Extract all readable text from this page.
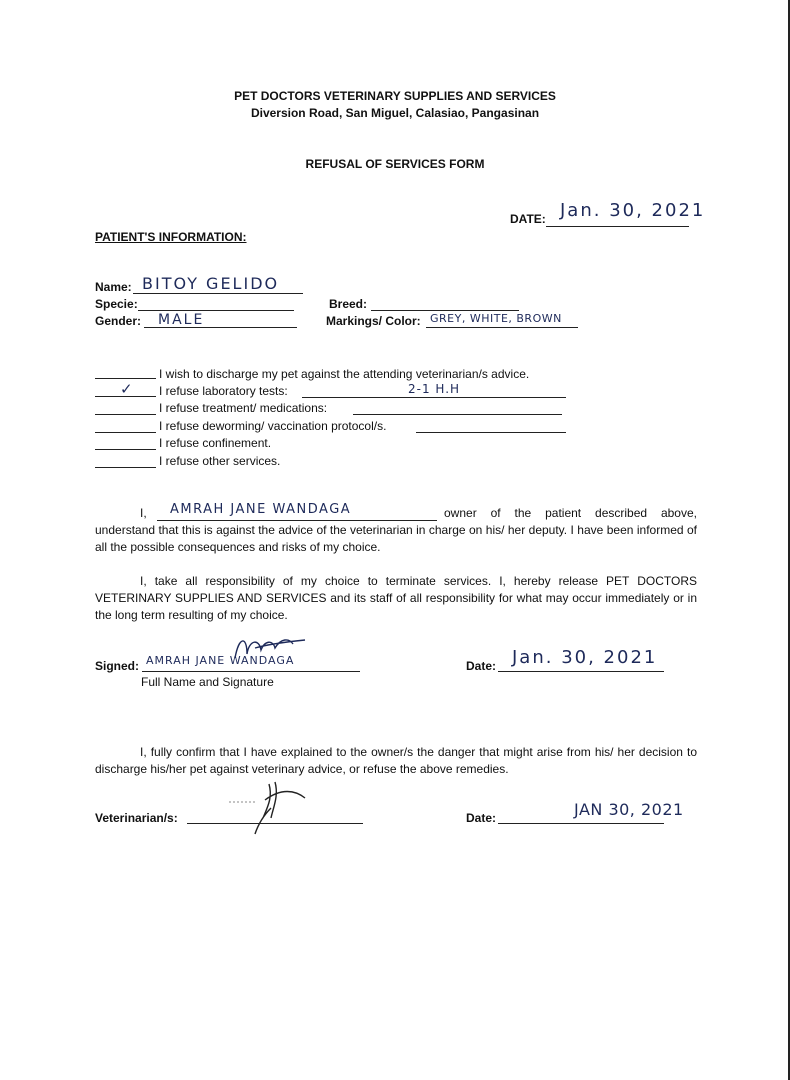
PET DOCTORS VETERINARY SUPPLIES AND SERVICES
Diversion Road, San Miguel, Calasiao, Pangasinan
REFUSAL OF SERVICES FORM
DATE: Jan. 30, 2021
PATIENT'S INFORMATION:
Name: BITOY GELIDO
Specie:
Gender: MALE
Breed:
Markings/ Color: GREY, WHITE, BROWN
I wish to discharge my pet against the attending veterinarian/s advice.
✓ I refuse laboratory tests:	2-1 H.H
I refuse treatment/ medications:
I refuse deworming/ vaccination protocol/s.
I refuse confinement.
I refuse other services.
I, AMRAH JANE WANDAGA	owner of the patient described above,
understand that this is against the advice of the veterinarian in charge on his/ her deputy. I have been informed of all the possible consequences and risks of my choice.
I, take all responsibility of my choice to terminate services. I, hereby release PET DOCTORS VETERINARY SUPPLIES AND SERVICES and its staff of all responsibility for what may occur immediately or in the long term resulting of my choice.
Signed: AMRAH JANE WANDAGA
Full Name and Signature
Date: Jan. 30, 2021
I, fully confirm that I have explained to the owner/s the danger that might arise from his/ her decision to discharge his/her pet against veterinary advice, or refuse the above remedies.
Veterinarian/s:	Date:	JAN 30, 2021
